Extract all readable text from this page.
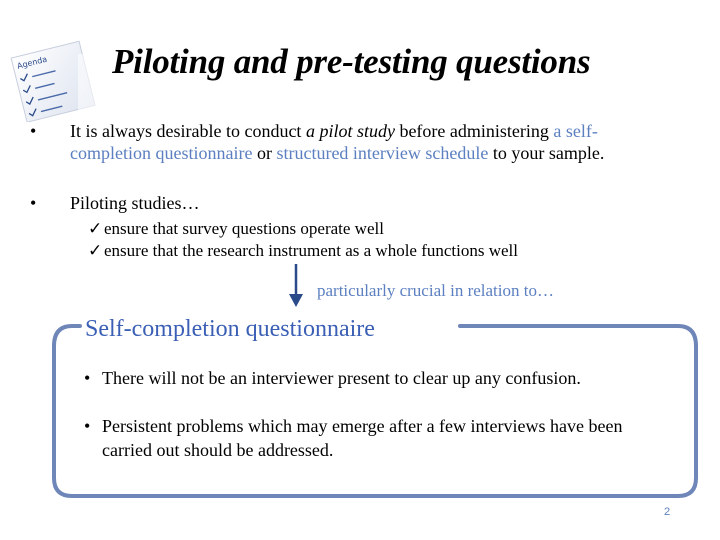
Agenda Piloting and pre-testing questions
• It is always desirable to conduct a pilot study before administering a self-completion questionnaire or structured interview schedule to your sample.
• Piloting studies…
✓ ensure that survey questions operate well
✓ ensure that the research instrument as a whole functions well
particularly crucial in relation to…
Self-completion questionnaire
• There will not be an interviewer present to clear up any confusion.
• Persistent problems which may emerge after a few interviews have been carried out should be addressed.
2
